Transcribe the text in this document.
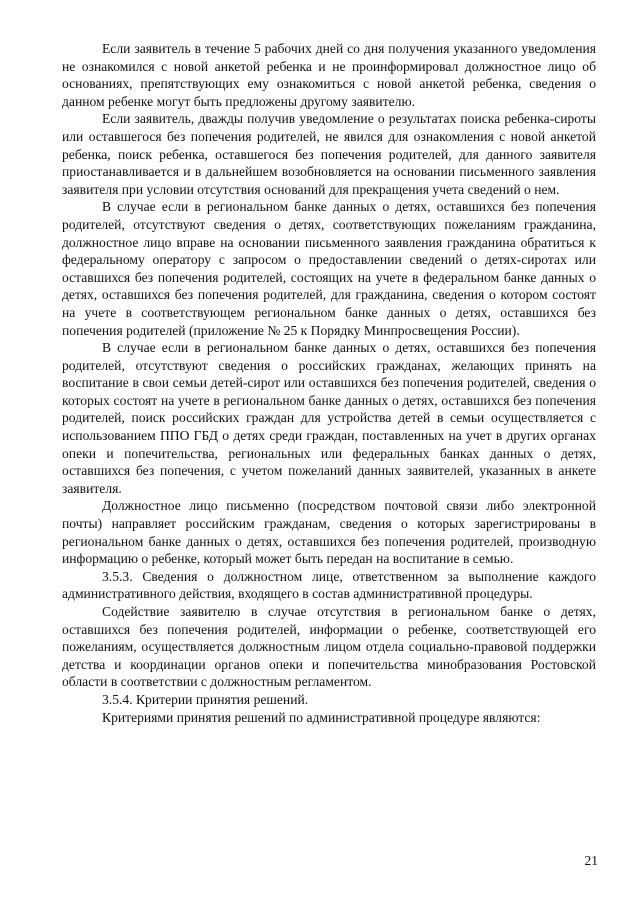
Если заявитель в течение 5 рабочих дней со дня получения указанного уведомления не ознакомился с новой анкетой ребенка и не проинформировал должностное лицо об основаниях, препятствующих ему ознакомиться с новой анкетой ребенка, сведения о данном ребенке могут быть предложены другому заявителю.

Если заявитель, дважды получив уведомление о результатах поиска ребенка-сироты или оставшегося без попечения родителей, не явился для ознакомления с новой анкетой ребенка, поиск ребенка, оставшегося без попечения родителей, для данного заявителя приостанавливается и в дальнейшем возобновляется на основании письменного заявления заявителя при условии отсутствия оснований для прекращения учета сведений о нем.

В случае если в региональном банке данных о детях, оставшихся без попечения родителей, отсутствуют сведения о детях, соответствующих пожеланиям гражданина, должностное лицо вправе на основании письменного заявления гражданина обратиться к федеральному оператору с запросом о предоставлении сведений о детях-сиротах или оставшихся без попечения родителей, состоящих на учете в федеральном банке данных о детях, оставшихся без попечения родителей, для гражданина, сведения о котором состоят на учете в соответствующем региональном банке данных о детях, оставшихся без попечения родителей (приложение № 25 к Порядку Минпросвещения России).

В случае если в региональном банке данных о детях, оставшихся без попечения родителей, отсутствуют сведения о российских гражданах, желающих принять на воспитание в свои семьи детей-сирот или оставшихся без попечения родителей, сведения о которых состоят на учете в региональном банке данных о детях, оставшихся без попечения родителей, поиск российских граждан для устройства детей в семьи осуществляется с использованием ППО ГБД о детях среди граждан, поставленных на учет в других органах опеки и попечительства, региональных или федеральных банках данных о детях, оставшихся без попечения, с учетом пожеланий данных заявителей, указанных в анкете заявителя.

Должностное лицо письменно (посредством почтовой связи либо электронной почты) направляет российским гражданам, сведения о которых зарегистрированы в региональном банке данных о детях, оставшихся без попечения родителей, производную информацию о ребенке, который может быть передан на воспитание в семью.

3.5.3. Сведения о должностном лице, ответственном за выполнение каждого административного действия, входящего в состав административной процедуры.

Содействие заявителю в случае отсутствия в региональном банке о детях, оставшихся без попечения родителей, информации о ребенке, соответствующей его пожеланиям, осуществляется должностным лицом отдела социально-правовой поддержки детства и координации органов опеки и попечительства минобразования Ростовской области в соответствии с должностным регламентом.

3.5.4. Критерии принятия решений.

Критериями принятия решений по административной процедуре являются:

21
